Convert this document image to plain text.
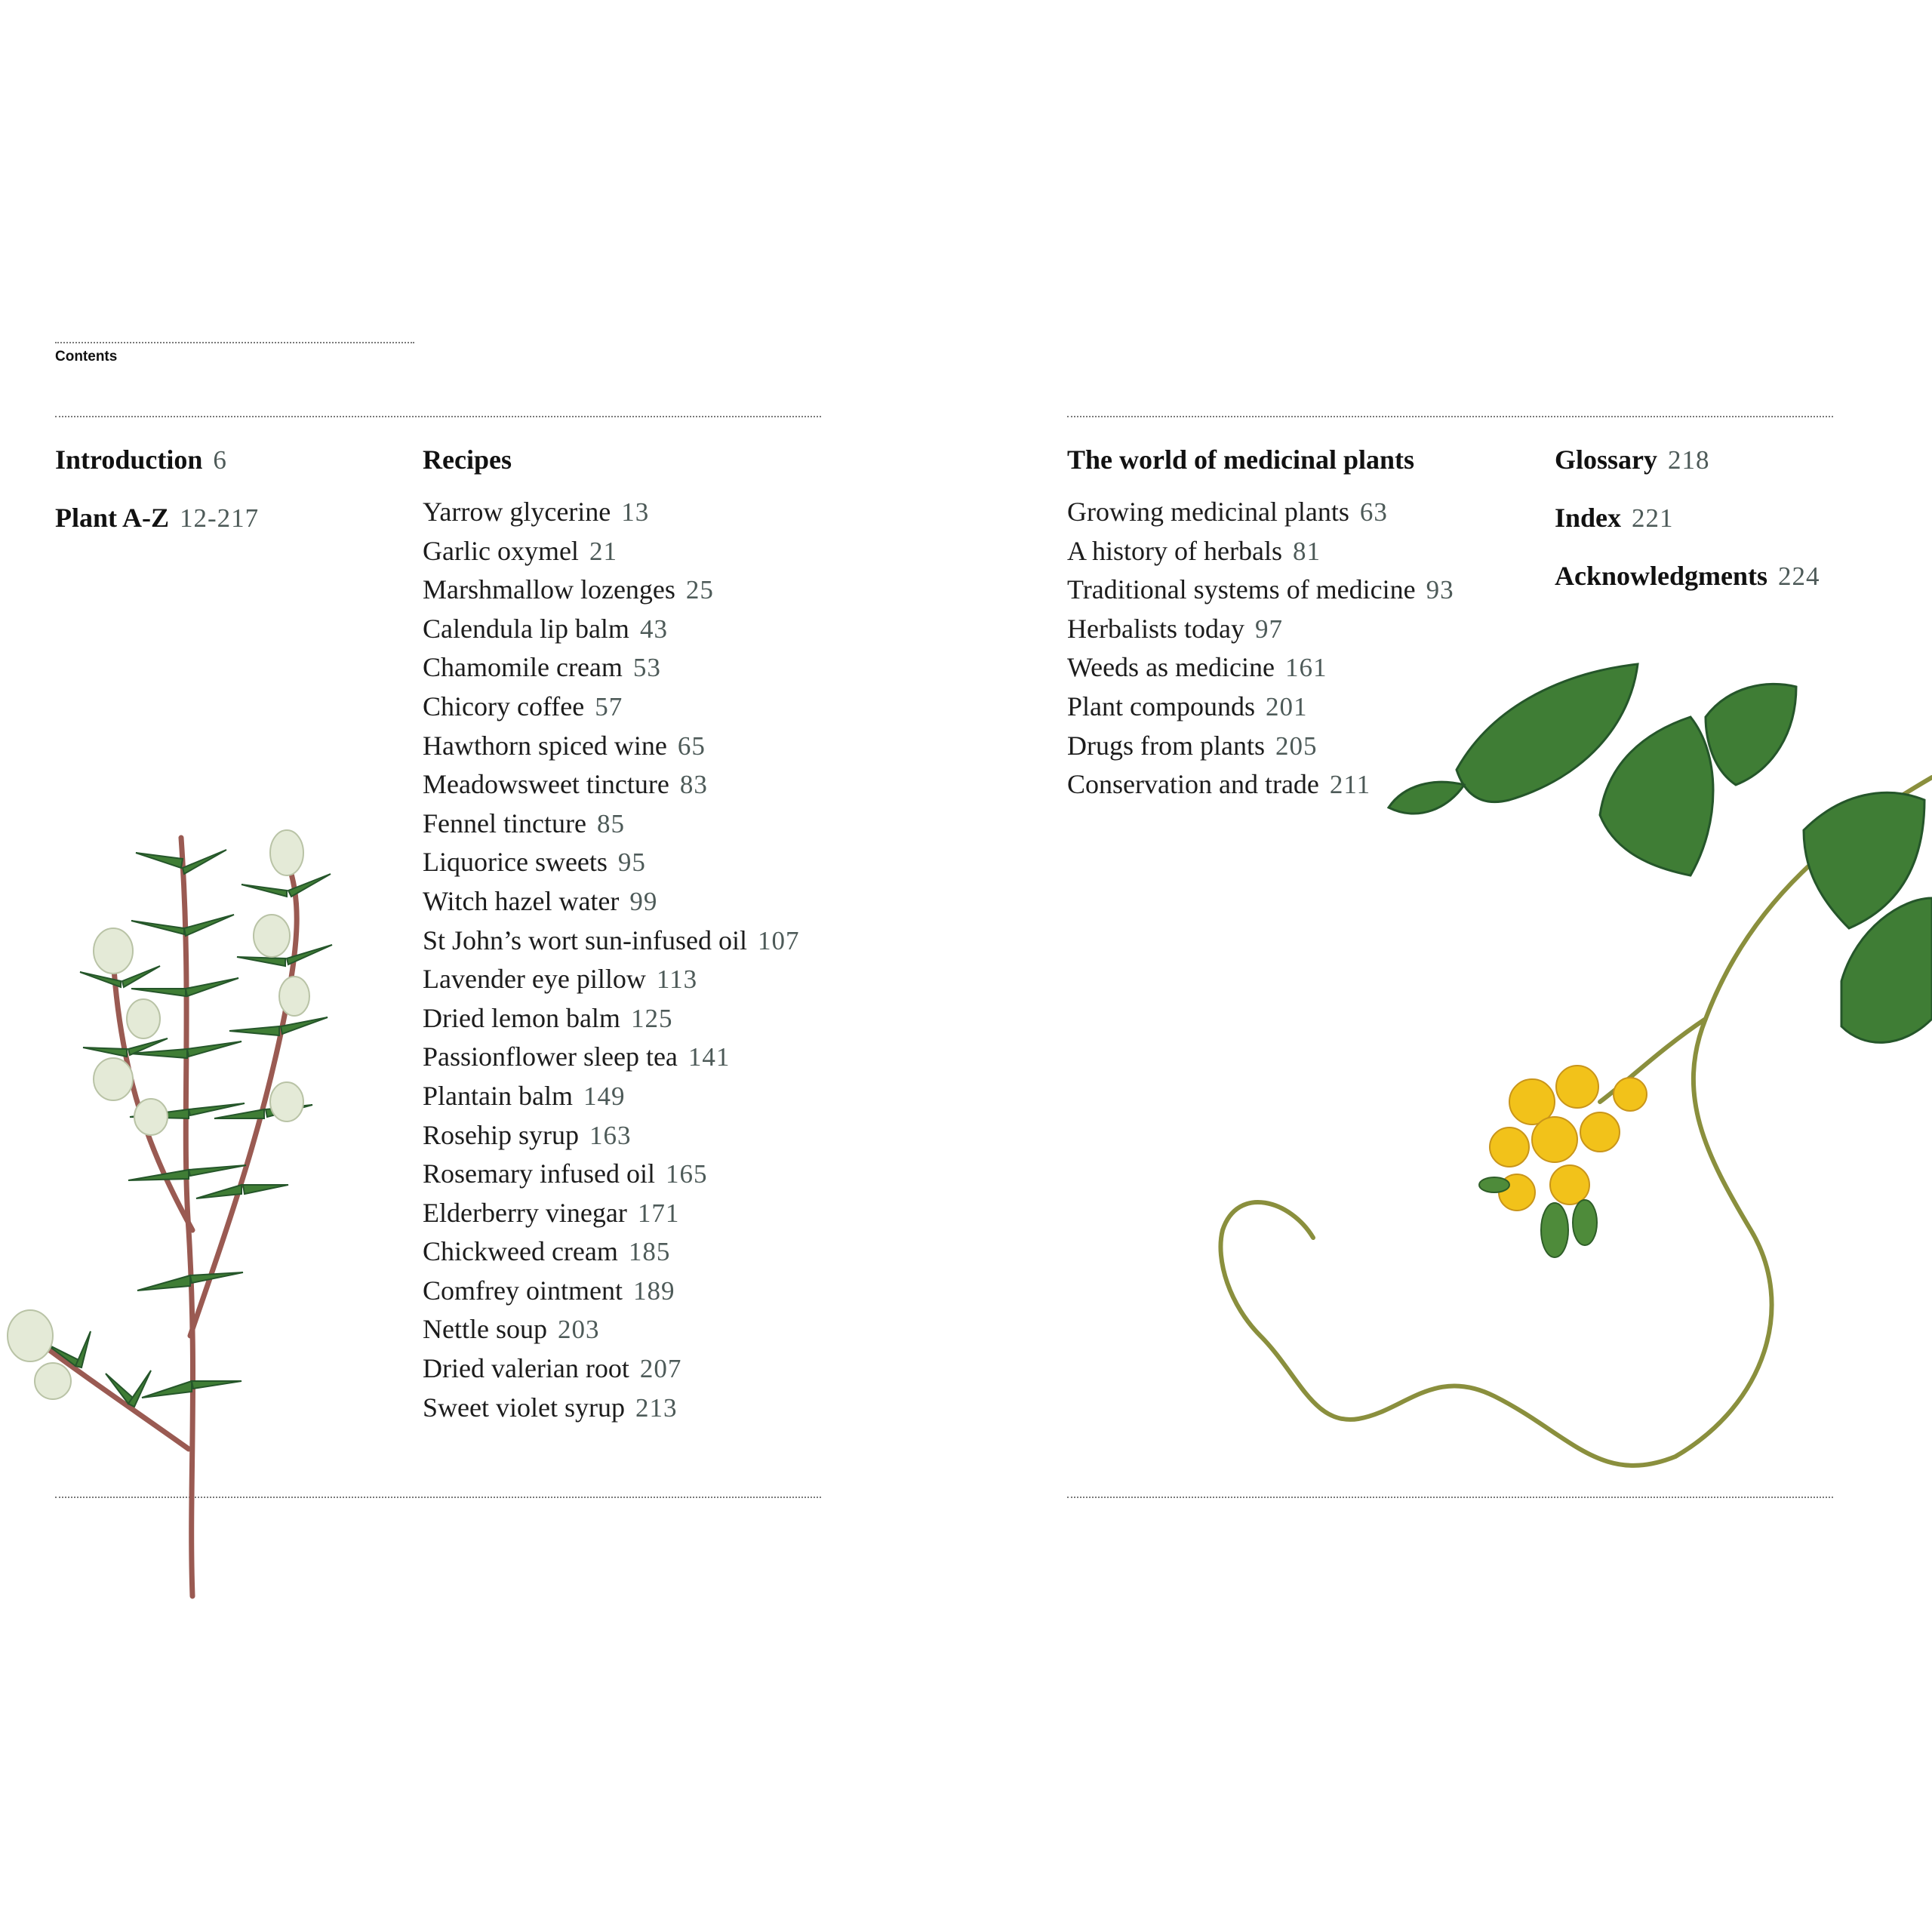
Contents
Introduction 6
Plant A-Z 12-217
Recipes
Yarrow glycerine 13
Garlic oxymel 21
Marshmallow lozenges 25
Calendula lip balm 43
Chamomile cream 53
Chicory coffee 57
Hawthorn spiced wine 65
Meadowsweet tincture 83
Fennel tincture 85
Liquorice sweets 95
Witch hazel water 99
St John’s wort sun-infused oil 107
Lavender eye pillow 113
Dried lemon balm 125
Passionflower sleep tea 141
Plantain balm 149
Rosehip syrup 163
Rosemary infused oil 165
Elderberry vinegar 171
Chickweed cream 185
Comfrey ointment 189
Nettle soup 203
Dried valerian root 207
Sweet violet syrup 213
The world of medicinal plants
Growing medicinal plants 63
A history of herbals 81
Traditional systems of medicine 93
Herbalists today 97
Weeds as medicine 161
Plant compounds 201
Drugs from plants 205
Conservation and trade 211
Glossary 218
Index 221
Acknowledgments 224
